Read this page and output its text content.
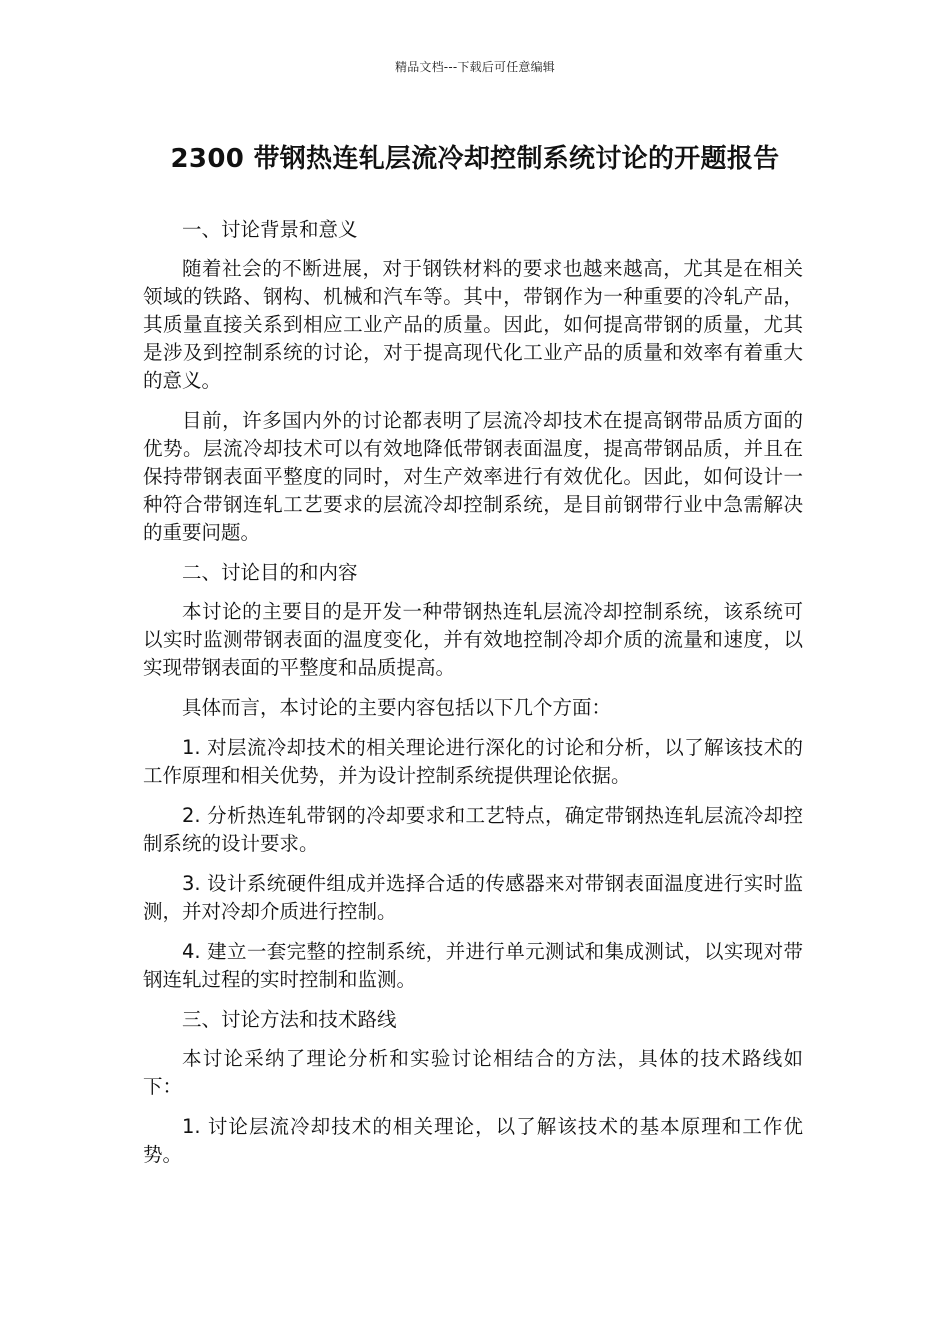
精品文档---下载后可任意编辑
2300 带钢热连轧层流冷却控制系统讨论的开题报告

一、讨论背景和意义

随着社会的不断进展，对于钢铁材料的要求也越来越高，尤其是在相关领域的铁路、钢构、机械和汽车等。其中，带钢作为一种重要的冷轧产品，其质量直接关系到相应工业产品的质量。因此，如何提高带钢的质量，尤其是涉及到控制系统的讨论，对于提高现代化工业产品的质量和效率有着重大的意义。

目前，许多国内外的讨论都表明了层流冷却技术在提高钢带品质方面的优势。层流冷却技术可以有效地降低带钢表面温度，提高带钢品质，并且在保持带钢表面平整度的同时，对生产效率进行有效优化。因此，如何设计一种符合带钢连轧工艺要求的层流冷却控制系统，是目前钢带行业中急需解决的重要问题。

二、讨论目的和内容

本讨论的主要目的是开发一种带钢热连轧层流冷却控制系统，该系统可以实时监测带钢表面的温度变化，并有效地控制冷却介质的流量和速度，以实现带钢表面的平整度和品质提高。

具体而言，本讨论的主要内容包括以下几个方面：

1. 对层流冷却技术的相关理论进行深化的讨论和分析，以了解该技术的工作原理和相关优势，并为设计控制系统提供理论依据。

2. 分析热连轧带钢的冷却要求和工艺特点，确定带钢热连轧层流冷却控制系统的设计要求。

3. 设计系统硬件组成并选择合适的传感器来对带钢表面温度进行实时监测，并对冷却介质进行控制。

4. 建立一套完整的控制系统，并进行单元测试和集成测试，以实现对带钢连轧过程的实时控制和监测。

三、讨论方法和技术路线

本讨论采纳了理论分析和实验讨论相结合的方法，具体的技术路线如下：

1. 讨论层流冷却技术的相关理论，以了解该技术的基本原理和工作优势。
